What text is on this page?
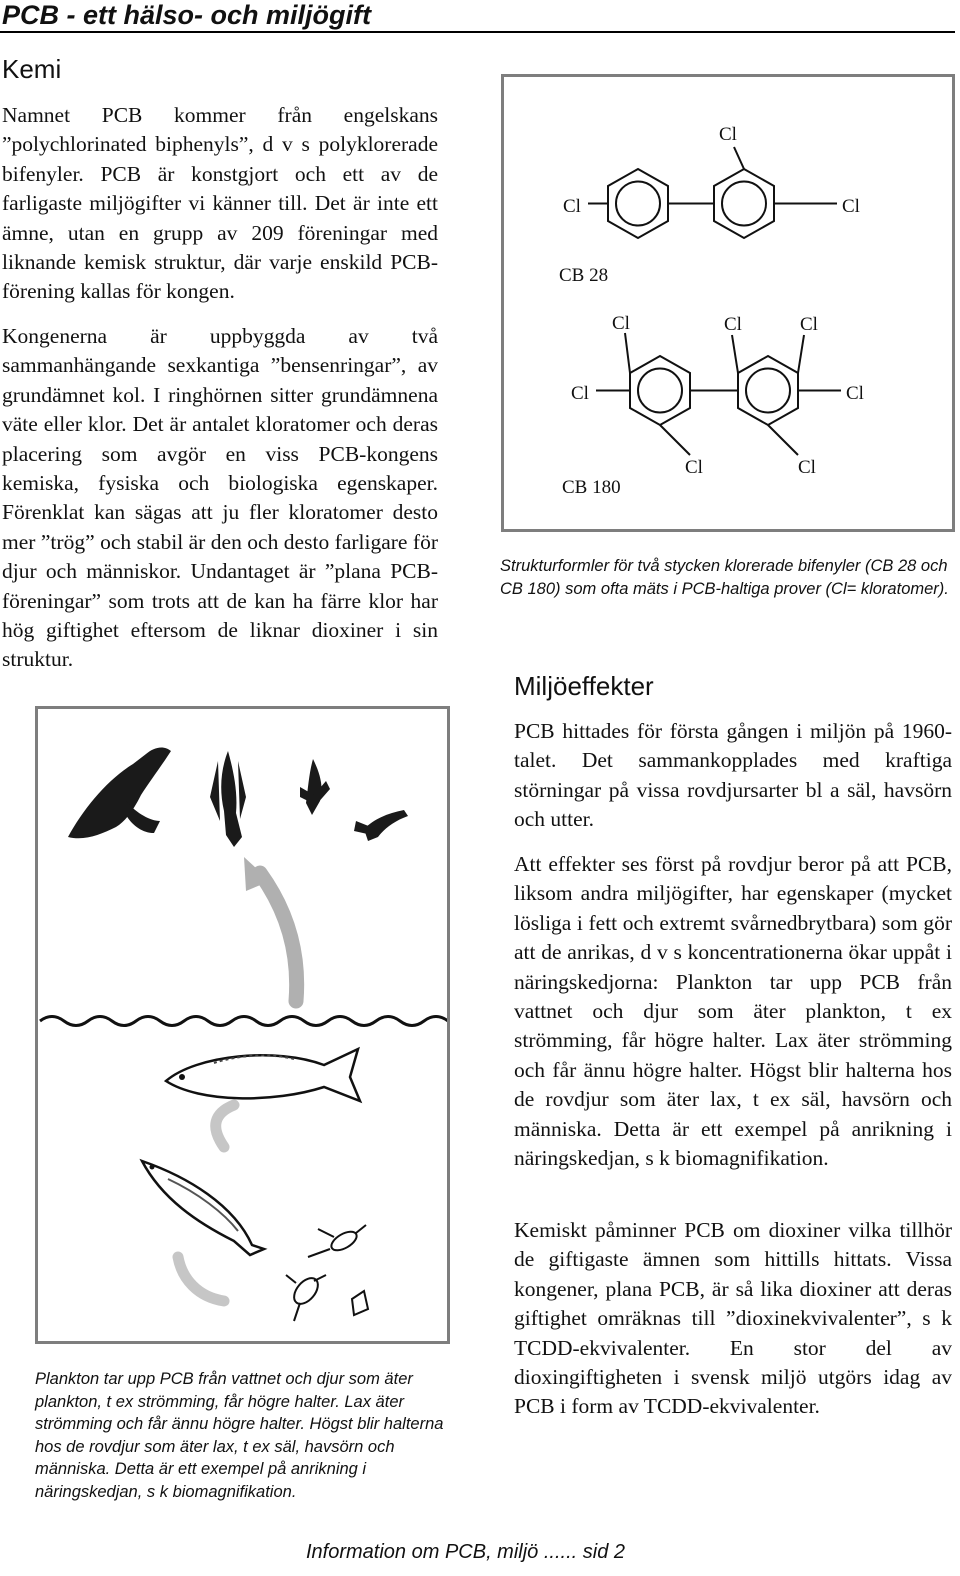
PCB - ett hälso- och miljögift
Kemi

Namnet PCB kommer från engelskans ”polychlorinated biphenyls”, d v s polyklorerade bifenyler. PCB är konstgjort och ett av de farligaste miljögifter vi känner till. Det är inte ett ämne, utan en grupp av 209 föreningar med liknande kemisk struktur, där varje enskild PCB-förening kallas för kongen.

Kongenerna är uppbyggda av två sammanhängande sexkantiga ”bensenringar”, av grundämnet kol. I ringhörnen sitter grundämnena väte eller klor. Det är antalet kloratomer och deras placering som avgör en viss PCB-kongens kemiska, fysiska och biologiska egenskaper. Förenklat kan sägas att ju fler kloratomer desto mer ”trög” och stabil är den och desto farligare för djur och människor. Undantaget är ”plana PCB-föreningar” som trots att de kan ha färre klor har hög giftighet eftersom de liknar dioxiner i sin struktur.

Cl
Cl	Cl
Cl	Cl	Cl
Cl	Cl
Cl	Cl
CB 28
CB 180
Strukturformler för två stycken klorerade bifenyler (CB 28 och CB 180) som ofta mäts i PCB-haltiga prover (Cl= kloratomer).
Miljöeffekter

PCB hittades för första gången i miljön på 1960-talet. Det sammankopplades med kraftiga störningar på vissa rovdjursarter bl a säl, havsörn och utter.

Att effekter ses först på rovdjur beror på att PCB, liksom andra miljögifter, har egenskaper (mycket lösliga i fett och extremt svårnedbrytbara) som gör att de anrikas, d v s koncentrationerna ökar uppåt i näringskedjorna: Plankton tar upp PCB från vattnet och djur som äter plankton, t ex strömming, får högre halter. Lax äter strömming och får ännu högre halter. Högst blir halterna hos de rovdjur som äter lax, t ex säl, havsörn och människa. Detta är ett exempel på anrikning i näringskedjan, s k biomagnifikation.

Kemiskt påminner PCB om dioxiner vilka tillhör de giftigaste ämnen som hittills hittats. Vissa kongener, plana PCB, är så lika dioxiner att deras giftighet omräknas till ”dioxinekvivalenter”, s k TCDD-ekvivalenter. En stor del av dioxingiftigheten i svensk miljö utgörs idag av PCB i form av TCDD-ekvivalenter.

Plankton tar upp PCB från vattnet och djur som äter plankton, t ex strömming, får högre halter. Lax äter strömming och får ännu högre halter. Högst blir halterna hos de rovdjur som äter lax, t ex säl, havsörn och människa. Detta är ett exempel på anrikning i näringskedjan, s k biomagnifikation.
Information om PCB, miljö ...... sid 2
